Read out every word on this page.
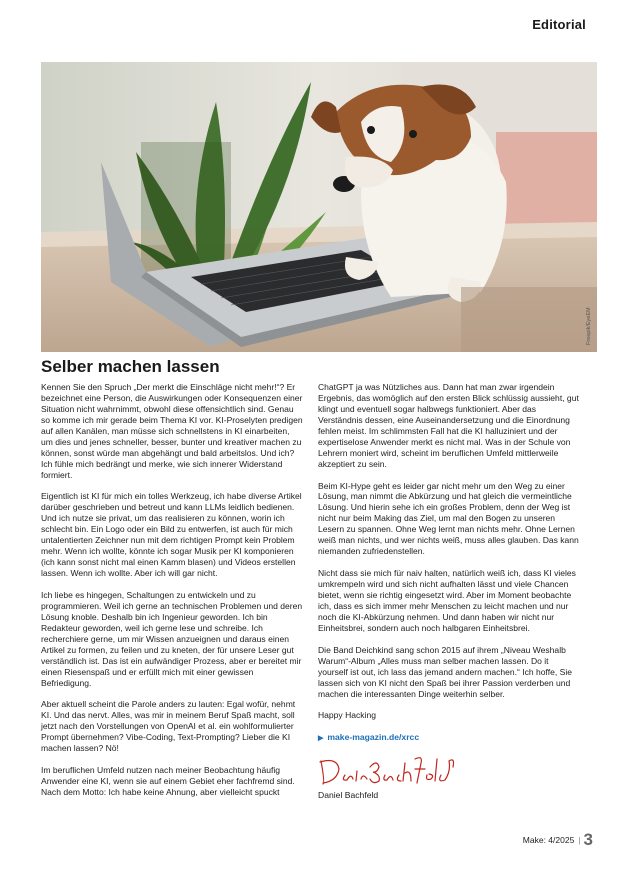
Editorial
Freepik/EyeEM
Selber machen lassen

Kennen Sie den Spruch „Der merkt die Einschläge nicht mehr!“? Er bezeichnet eine Person, die Auswirkungen oder Konsequenzen einer Situation nicht wahrnimmt, obwohl diese offensichtlich sind. Genau so komme ich mir gerade beim Thema KI vor. KI-Proselyten predigen auf allen Kanälen, man müsse sich schnellstens in KI einarbeiten, um dies und jenes schneller, besser, bunter und kreativer machen zu können, sonst würde man abgehängt und bald arbeitslos. Und ich? Ich fühle mich bedrängt und merke, wie sich innerer Widerstand formiert.

Eigentlich ist KI für mich ein tolles Werkzeug, ich habe diverse Artikel darüber geschrieben und betreut und kann LLMs leidlich bedienen. Und ich nutze sie privat, um das realisieren zu können, worin ich schlecht bin. Ein Logo oder ein Bild zu entwerfen, ist auch für mich untalentierten Zeichner nun mit dem richtigen Prompt kein Problem mehr. Wenn ich wollte, könnte ich sogar Musik per KI komponieren (ich kann sonst nicht mal einen Kamm blasen) und Videos erstellen lassen. Wenn ich wollte. Aber ich will gar nicht.

Ich liebe es hingegen, Schaltungen zu entwickeln und zu programmieren. Weil ich gerne an technischen Problemen und deren Lösung knoble. Deshalb bin ich Ingenieur geworden. Ich bin Redakteur geworden, weil ich gerne lese und schreibe. Ich recherchiere gerne, um mir Wissen anzueignen und daraus einen Artikel zu formen, zu feilen und zu kneten, der für unsere Leser gut verständlich ist. Das ist ein aufwändiger Prozess, aber er bereitet mir einen Riesenspaß und er erfüllt mich mit einer gewissen Befriedigung.

Aber aktuell scheint die Parole anders zu lauten: Egal wofür, nehmt KI. Und das nervt. Alles, was mir in meinem Beruf Spaß macht, soll jetzt nach den Vorstellungen von OpenAI et al. ein wohlformulierter Prompt übernehmen? Vibe-Coding, Text-Prompting? Lieber die KI machen lassen? Nö!

Im beruflichen Umfeld nutzen nach meiner Beobachtung häufig Anwender eine KI, wenn sie auf einem Gebiet eher fachfremd sind. Nach dem Motto: Ich habe keine Ahnung, aber vielleicht spuckt

ChatGPT ja was Nützliches aus. Dann hat man zwar irgendein Ergebnis, das womöglich auf den ersten Blick schlüssig aussieht, gut klingt und eventuell sogar halbwegs funktioniert. Aber das Verständnis dessen, eine Auseinandersetzung und die Einordnung fehlen meist. Im schlimmsten Fall hat die KI halluziniert und der expertiselose Anwender merkt es nicht mal. Was in der Schule von Lehrern moniert wird, scheint im beruflichen Umfeld mittlerweile akzeptiert zu sein.

Beim KI-Hype geht es leider gar nicht mehr um den Weg zu einer Lösung, man nimmt die Abkürzung und hat gleich die vermeintliche Lösung. Und hierin sehe ich ein großes Problem, denn der Weg ist nicht nur beim Making das Ziel, um mal den Bogen zu unseren Lesern zu spannen. Ohne Weg lernt man nichts mehr. Ohne Lernen weiß man nichts, und wer nichts weiß, muss alles glauben. Das kann niemanden zufriedenstellen.

Nicht dass sie mich für naiv halten, natürlich weiß ich, dass KI vieles umkrempeln wird und sich nicht aufhalten lässt und viele Chancen bietet, wenn sie richtig eingesetzt wird. Aber im Moment beobachte ich, dass es sich immer mehr Menschen zu leicht machen und nur noch die KI-Abkürzung nehmen. Und dann haben wir nicht nur Einheitsbrei, sondern auch noch halbgaren Einheitsbrei.

Die Band Deichkind sang schon 2015 auf ihrem „Niveau Weshalb Warum“-Album „Alles muss man selber machen lassen. Do it yourself ist out, ich lass das jemand andern machen.“ Ich hoffe, Sie lassen sich von KI nicht den Spaß bei ihrer Passion verderben und machen die interessanten Dinge weiterhin selber.

Happy Hacking

▶ make-magazin.de/xrcc

Daniel Bachfeld
Make: 4/2025 | 3
